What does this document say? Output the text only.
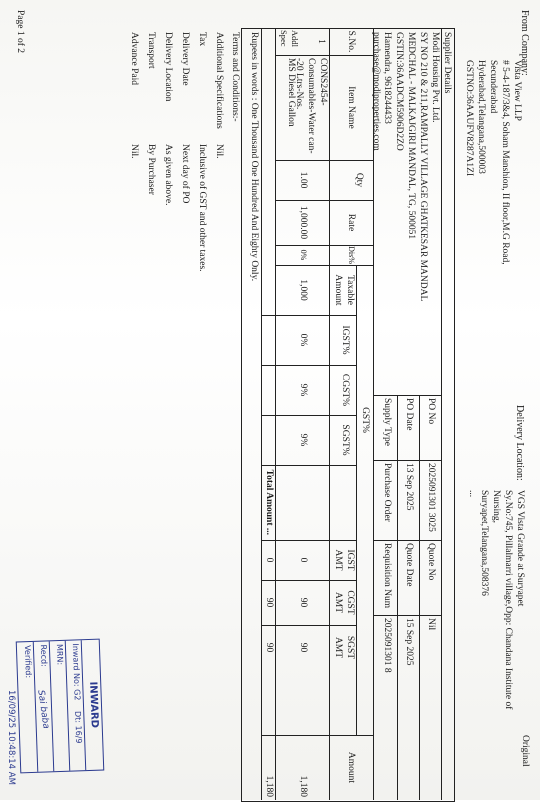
Original
From Company:
Vista View LLP
# 5-4-187/3&4, Soham Manshion, II floor,M.G Road,
Secunderabad
Hyderabad,Telangana,500003
GSTNO:36AAUFV8287A1ZI
Delivery Location:
VGS Vista Grande at Suryapet
Sy.No:745, Pillalmarri village,Opp: Chandana Institute of
Nursing,
Suryapet,Telangana,508376
...
Supplier Details
Modi Housing Pvt. Ltd.
SY NO 210 & 211,RAMPALLY VILLAGE GHATKESAR MANDAL
MEDCHAL - MALKAJGIRI MANDAL, TG, 500051
GSTIN:36AADCM5906D2ZO
Hamendra, 9618244433
purchase@modiproperties.com
PO No
2025091301 3025
Quote No
Nil
PO Date
13 Sep 2025
Quote Date
15 Sep 2025
Supply Type
Purchase Order
Requisition Num
2025091301 8
S.No.
Item Name
Qty
Rate
Dis%
Taxable Amount
GST%
IGST%
CGST%
SGST%
IGST AMT
CGST AMT
SGST AMT
Amount
1
CONS2454-Consumables-Water can--20 Ltrs-Nos.
Addl Spec
MS Diesel Gallon
1.00
1,000.00
0%
1,000
0%
9%
9%
0
90
90
1,180
Total Amount ...
0
90
90
1,180
Rupees in words : One Thousand One Hundred And Eighty Only.
Terms and Conditions:-
Additional Specifications
Nil.
Tax
Inclusive of GST and other taxes.
Delivery Date
Next day of PO
Delivery Location
As given above.
Transport
By Purchaser
Advance Paid
Nil.
Page 1 of 2
INWARD
Inward No: G2 Dt: 16/9
MRN:
Recd:
Verified:
Sai baba
16/09/25 10:48:14 AM
